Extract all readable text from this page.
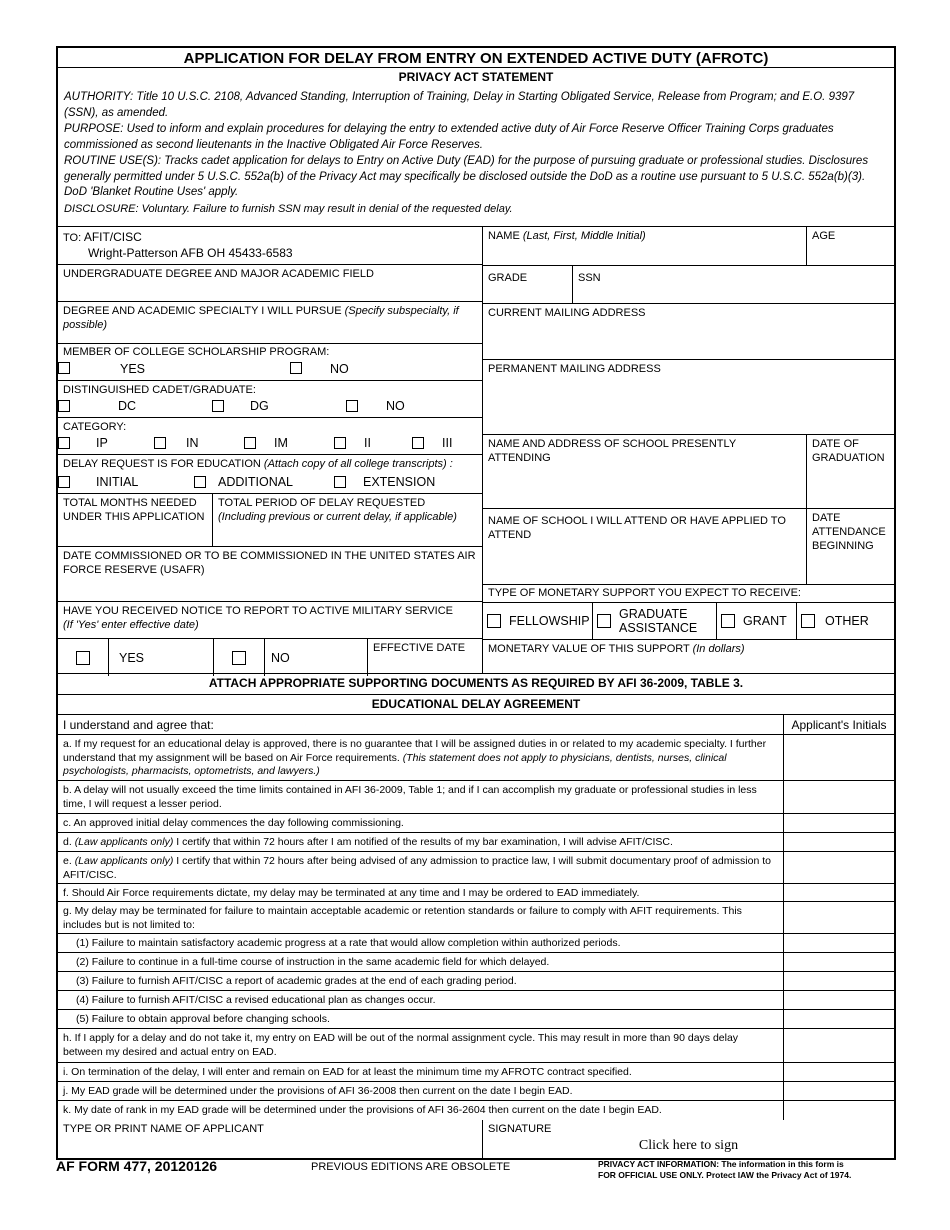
APPLICATION FOR DELAY FROM ENTRY ON EXTENDED ACTIVE DUTY (AFROTC)
PRIVACY ACT STATEMENT

AUTHORITY: Title 10 U.S.C. 2108, Advanced Standing, Interruption of Training, Delay in Starting Obligated Service, Release from Program; and E.O. 9397 (SSN), as amended.

PURPOSE: Used to inform and explain procedures for delaying the entry to extended active duty of Air Force Reserve Officer Training Corps graduates commissioned as second lieutenants in the Inactive Obligated Air Force Reserves.

ROUTINE USE(S): Tracks cadet application for delays to Entry on Active Duty (EAD) for the purpose of pursuing graduate or professional studies. Disclosures generally permitted under 5 U.S.C. 552a(b) of the Privacy Act may specifically be disclosed outside the DoD as a routine use pursuant to 5 U.S.C. 552a(b)(3). DoD 'Blanket Routine Uses' apply.

DISCLOSURE: Voluntary. Failure to furnish SSN may result in denial of the requested delay.

TO: AFIT/CISC
Wright-Patterson AFB OH 45433-6583
UNDERGRADUATE DEGREE AND MAJOR ACADEMIC FIELD
DEGREE AND ACADEMIC SPECIALTY I WILL PURSUE (Specify subspecialty, if possible)
MEMBER OF COLLEGE SCHOLARSHIP PROGRAM:
YES	NO
DISTINGUISHED CADET/GRADUATE:
DC	DG	NO
CATEGORY:
IP	IN	IM	II	III
DELAY REQUEST IS FOR EDUCATION (Attach copy of all college transcripts) :
INITIAL	ADDITIONAL	EXTENSION
TOTAL MONTHS NEEDED UNDER THIS APPLICATION
TOTAL PERIOD OF DELAY REQUESTED
(Including previous or current delay, if applicable)
DATE COMMISSIONED OR TO BE COMMISSIONED IN THE UNITED STATES AIR FORCE RESERVE (USAFR)
HAVE YOU RECEIVED NOTICE TO REPORT TO ACTIVE MILITARY SERVICE
(If 'Yes' enter effective date)
YES	NO
EFFECTIVE DATE
NAME (Last, First, Middle Initial)	AGE
GRADE	SSN
CURRENT MAILING ADDRESS
PERMANENT MAILING ADDRESS
NAME AND ADDRESS OF SCHOOL PRESENTLY ATTENDING
DATE OF GRADUATION
NAME OF SCHOOL I WILL ATTEND OR HAVE APPLIED TO ATTEND
DATE ATTENDANCE BEGINNING
TYPE OF MONETARY SUPPORT YOU EXPECT TO RECEIVE:
FELLOWSHIP
GRADUATE ASSISTANCE	GRANT	OTHER
MONETARY VALUE OF THIS SUPPORT (In dollars)
ATTACH APPROPRIATE SUPPORTING DOCUMENTS AS REQUIRED BY AFI 36-2009, TABLE 3.
EDUCATIONAL DELAY AGREEMENT
I understand and agree that:	Applicant's Initials
a. If my request for an educational delay is approved, there is no guarantee that I will be assigned duties in or related to my academic specialty. I further understand that my assignment will be based on Air Force requirements. (This statement does not apply to physicians, dentists, nurses, clinical psychologists, pharmacists, optometrists, and lawyers.)
b. A delay will not usually exceed the time limits contained in AFI 36-2009, Table 1; and if I can accomplish my graduate or professional studies in less time, I will request a lesser period.
c. An approved initial delay commences the day following commissioning.
d. (Law applicants only) I certify that within 72 hours after I am notified of the results of my bar examination, I will advise AFIT/CISC.
e. (Law applicants only) I certify that within 72 hours after being advised of any admission to practice law, I will submit documentary proof of admission to AFIT/CISC.
f. Should Air Force requirements dictate, my delay may be terminated at any time and I may be ordered to EAD immediately.
g. My delay may be terminated for failure to maintain acceptable academic or retention standards or failure to comply with AFIT requirements. This includes but is not limited to:
(1) Failure to maintain satisfactory academic progress at a rate that would allow completion within authorized periods.
(2) Failure to continue in a full-time course of instruction in the same academic field for which delayed.
(3) Failure to furnish AFIT/CISC a report of academic grades at the end of each grading period.
(4) Failure to furnish AFIT/CISC a revised educational plan as changes occur.
(5) Failure to obtain approval before changing schools.
h. If I apply for a delay and do not take it, my entry on EAD will be out of the normal assignment cycle. This may result in more than 90 days delay between my desired and actual entry on EAD.
i. On termination of the delay, I will enter and remain on EAD for at least the minimum time my AFROTC contract specified.
j. My EAD grade will be determined under the provisions of AFI 36-2008 then current on the date I begin EAD.
k. My date of rank in my EAD grade will be determined under the provisions of AFI 36-2604 then current on the date I begin EAD.
TYPE OR PRINT NAME OF APPLICANT	SIGNATURE
Click here to sign
AF FORM 477, 20120126	PREVIOUS EDITIONS ARE OBSOLETE	PRIVACY ACT INFORMATION: The information in this form is
FOR OFFICIAL USE ONLY. Protect IAW the Privacy Act of 1974.
